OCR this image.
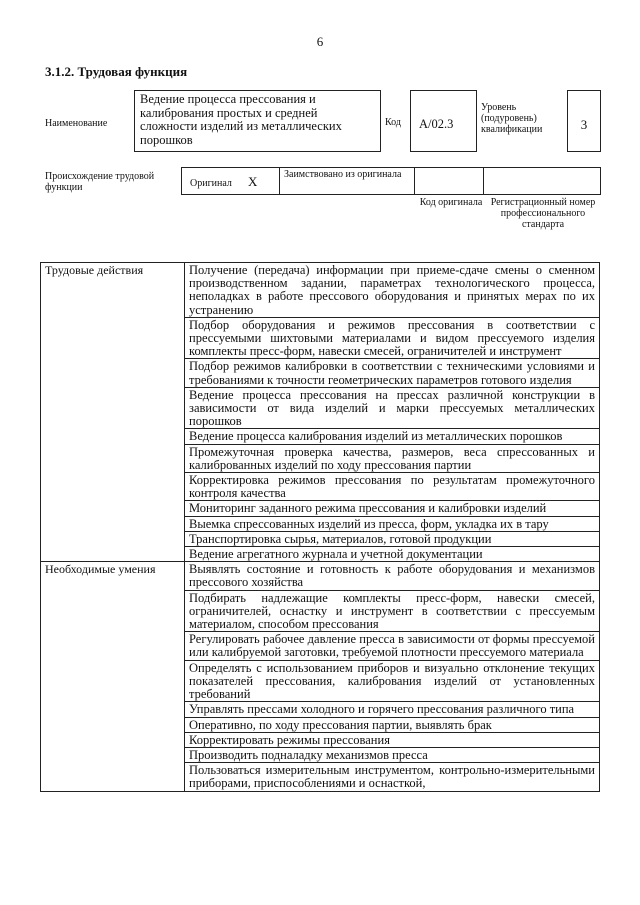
6
3.1.2. Трудовая функция
Наименование
Ведение процесса прессования и калибрования простых и средней сложности изделий из металлических порошков
Код А/02.3
Уровень (подуровень) квалификации	3
Происхождение трудовой функции	Оригинал X	Заимствовано из оригинала
Код оригинала Регистрационный номер профессионального стандарта
Трудовые действия	Получение (передача) информации при приеме-сдаче смены о сменном производственном задании, параметрах технологического процесса, неполадках в работе прессового оборудования и принятых мерах по их устранению
	Подбор оборудования и режимов прессования в соответствии с прессуемыми шихтовыми материалами и видом прессуемого изделия комплекты пресс-форм, навески смесей, ограничителей и инструмент
	Подбор режимов калибровки в соответствии с техническими условиями и требованиями к точности геометрических параметров готового изделия
	Ведение процесса прессования на прессах различной конструкции в зависимости от вида изделий и марки прессуемых металлических порошков
	Ведение процесса калибрования изделий из металлических порошков
	Промежуточная проверка качества, размеров, веса спрессованных и калиброванных изделий по ходу прессования партии
	Корректировка режимов прессования по результатам промежуточного контроля качества
	Мониторинг заданного режима прессования и калибровки изделий
	Выемка спрессованных изделий из пресса, форм, укладка их в тару
	Транспортировка сырья, материалов, готовой продукции
	Ведение агрегатного журнала и учетной документации
Необходимые умения	Выявлять состояние и готовность к работе оборудования и механизмов прессового хозяйства
	Подбирать надлежащие комплекты пресс-форм, навески смесей, ограничителей, оснастку и инструмент в соответствии с прессуемым материалом, способом прессования
	Регулировать рабочее давление пресса в зависимости от формы прессуемой или калибруемой заготовки, требуемой плотности прессуемого материала
	Определять с использованием приборов и визуально отклонение текущих показателей прессования, калибрования изделий от установленных требований
	Управлять прессами холодного и горячего прессования различного типа
	Оперативно, по ходу прессования партии, выявлять брак
	Корректировать режимы прессования
	Производить подналадку механизмов пресса
	Пользоваться измерительным инструментом, контрольно-измерительными приборами, приспособлениями и оснасткой,
